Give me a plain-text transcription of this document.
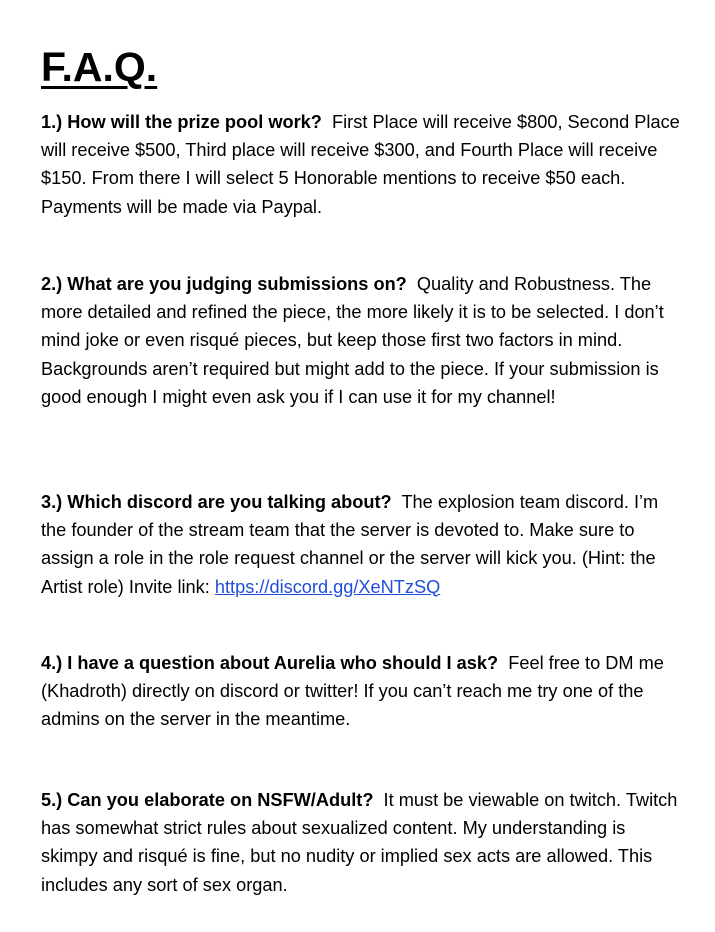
F.A.Q.

1.) How will the prize pool work? First Place will receive $800, Second Place will receive $500, Third place will receive $300, and Fourth Place will receive $150. From there I will select 5 Honorable mentions to receive $50 each. Payments will be made via Paypal.

2.) What are you judging submissions on? Quality and Robustness. The more detailed and refined the piece, the more likely it is to be selected. I don’t mind joke or even risqué pieces, but keep those first two factors in mind. Backgrounds aren’t required but might add to the piece. If your submission is good enough I might even ask you if I can use it for my channel!

3.) Which discord are you talking about? The explosion team discord. I’m the founder of the stream team that the server is devoted to. Make sure to assign a role in the role request channel or the server will kick you. (Hint: the Artist role) Invite link: https://discord.gg/XeNTzSQ

4.) I have a question about Aurelia who should I ask? Feel free to DM me (Khadroth) directly on discord or twitter! If you can’t reach me try one of the admins on the server in the meantime.

5.) Can you elaborate on NSFW/Adult? It must be viewable on twitch. Twitch has somewhat strict rules about sexualized content. My understanding is skimpy and risqué is fine, but no nudity or implied sex acts are allowed. This includes any sort of sex organ.
